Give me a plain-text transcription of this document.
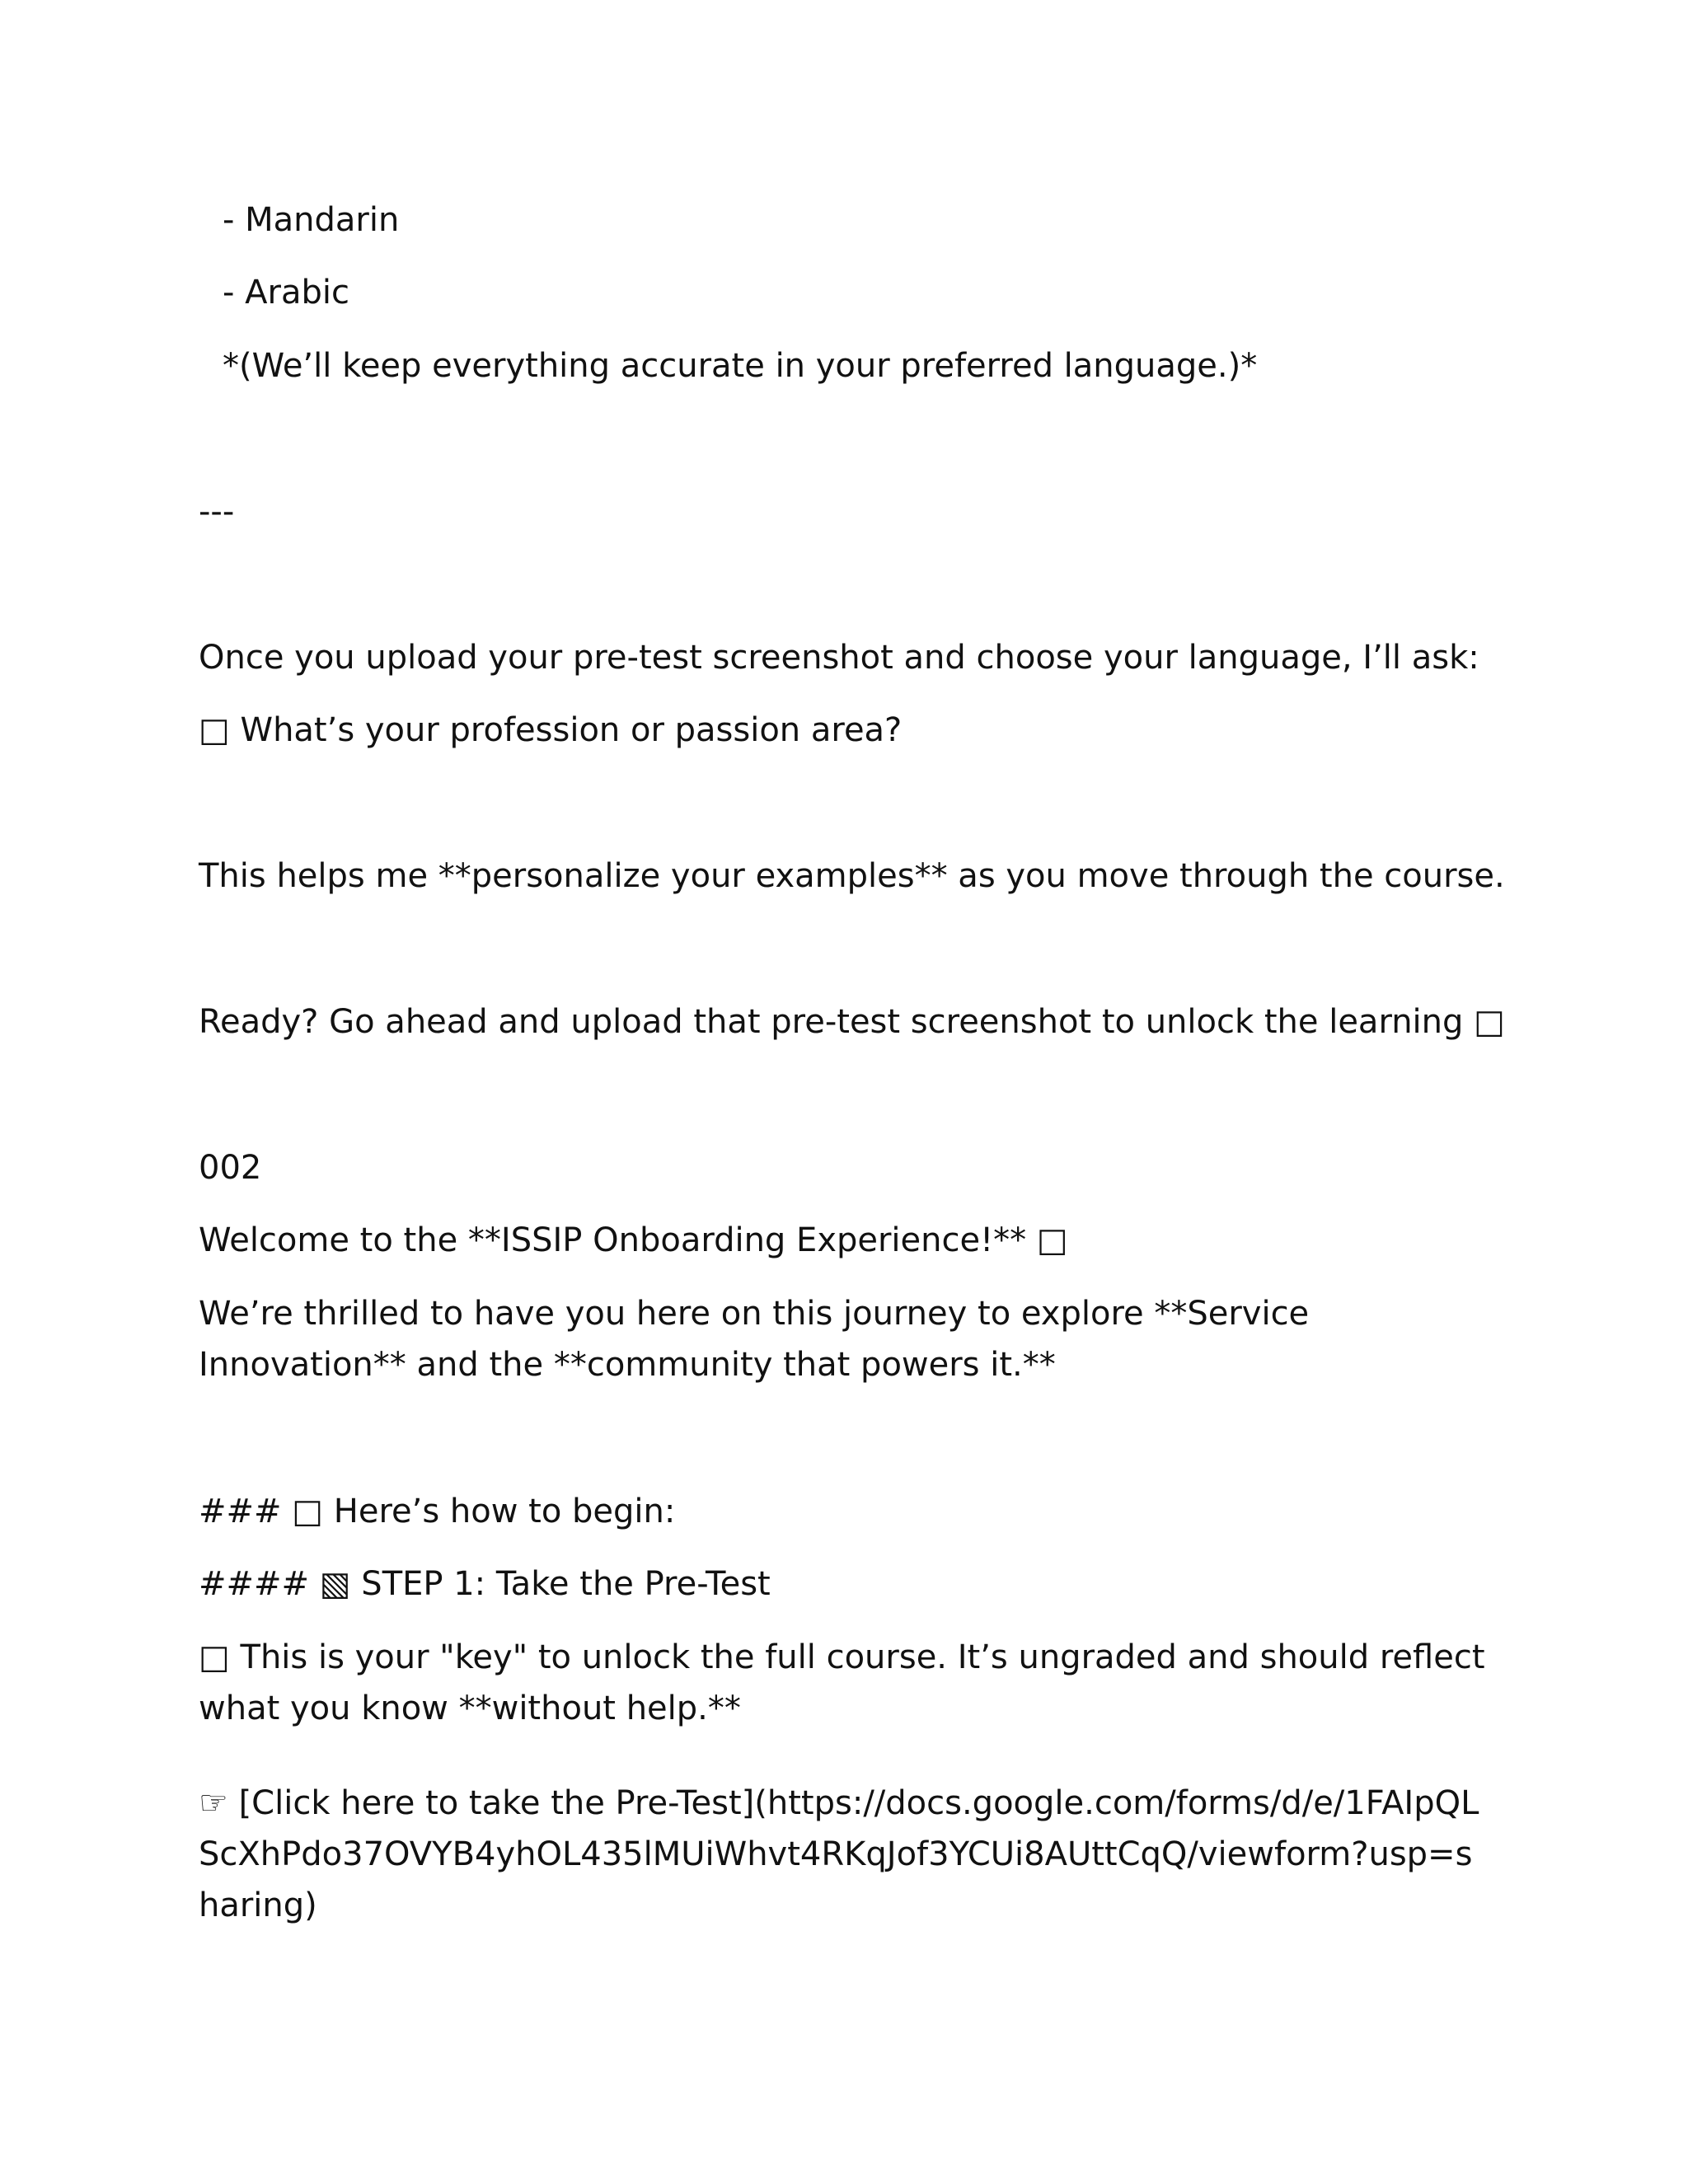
- Mandarin
- Arabic
*(We’ll keep everything accurate in your preferred language.)*
---
Once you upload your pre-test screenshot and choose your language, I’ll ask:
□ What’s your profession or passion area?
This helps me **personalize your examples** as you move through the course.
Ready? Go ahead and upload that pre-test screenshot to unlock the learning □
002
Welcome to the **ISSIP Onboarding Experience!** □
We’re thrilled to have you here on this journey to explore **Service Innovation** and the **community that powers it.**
### □ Here’s how to begin:
#### ▧ STEP 1: Take the Pre-Test
□ This is your "key" to unlock the full course. It’s ungraded and should reflect what you know **without help.**
☞ [Click here to take the Pre-Test](https://docs.google.com/forms/d/e/1FAIpQLScXhPdo37OVYB4yhOL435lMUiWhvt4RKqJof3YCUi8AUttCqQ/viewform?usp=sharing)
